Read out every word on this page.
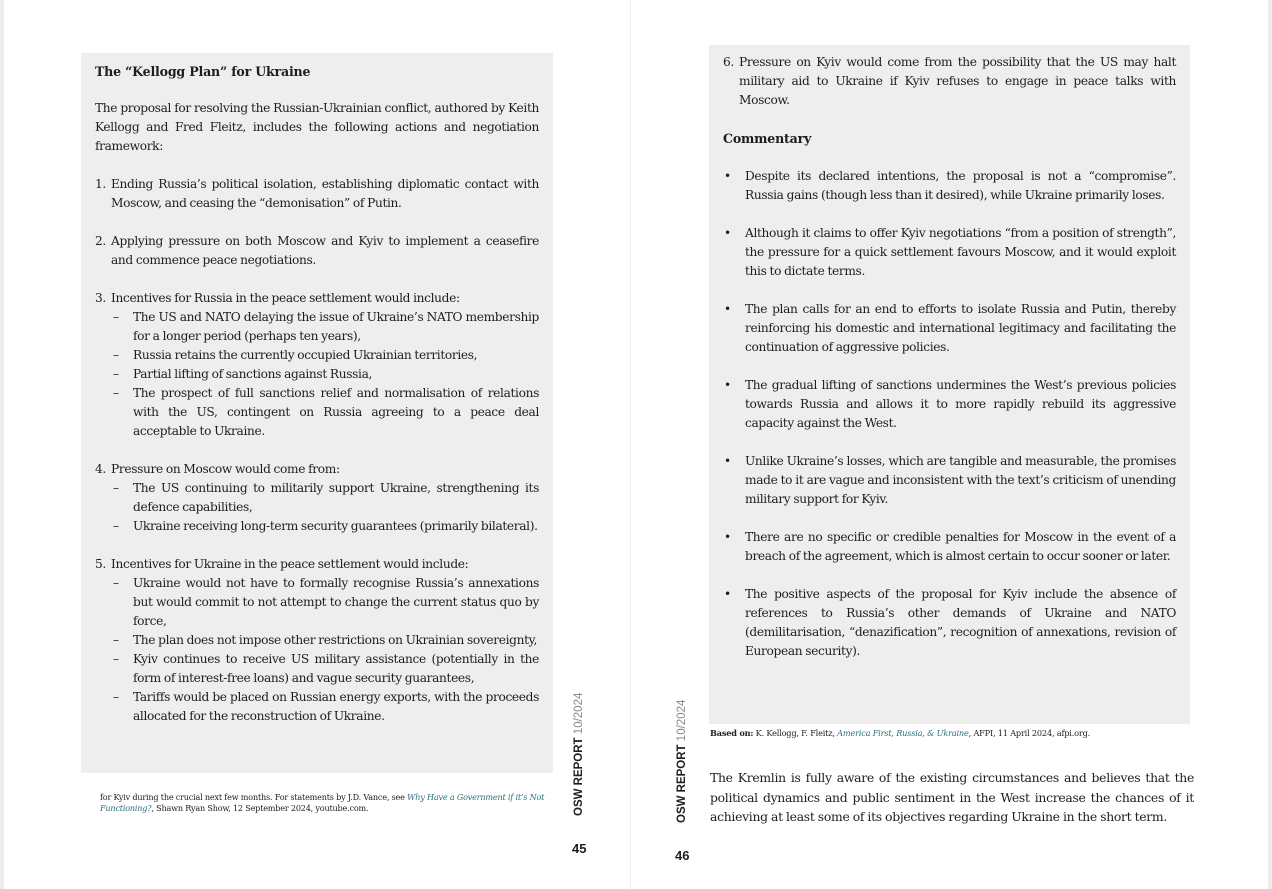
The “Kellogg Plan” for Ukraine

The proposal for resolving the Russian-Ukrainian conflict, authored by Keith Kellogg and Fred Fleitz, includes the following actions and negotiation framework:

1. Ending Russia’s political isolation, establishing diplomatic contact with Moscow, and ceasing the “demonisation” of Putin.
2. Applying pressure on both Moscow and Kyiv to implement a ceasefire and commence peace negotiations.
3. Incentives for Russia in the peace settlement would include:
– The US and NATO delaying the issue of Ukraine’s NATO membership for a longer period (perhaps ten years),
– Russia retains the currently occupied Ukrainian territories,
– Partial lifting of sanctions against Russia,
– The prospect of full sanctions relief and normalisation of relations with the US, contingent on Russia agreeing to a peace deal acceptable to Ukraine.
4. Pressure on Moscow would come from:
– The US continuing to militarily support Ukraine, strengthening its defence capabilities,
– Ukraine receiving long-term security guarantees (primarily bilateral).
5. Incentives for Ukraine in the peace settlement would include:
– Ukraine would not have to formally recognise Russia’s annexations but would commit to not attempt to change the current status quo by force,
– The plan does not impose other restrictions on Ukrainian sovereignty,
– Kyiv continues to receive US military assistance (potentially in the form of interest-free loans) and vague security guarantees,
– Tariffs would be placed on Russian energy exports, with the proceeds allocated for the reconstruction of Ukraine.
for Kyiv during the crucial next few months. For statements by J.D. Vance, see Why Have a Government if it’s Not Functioning?, Shawn Ryan Show, 12 September 2024, youtube.com.	OSW REPORT 10/2024
45
6. Pressure on Kyiv would come from the possibility that the US may halt military aid to Ukraine if Kyiv refuses to engage in peace talks with Moscow.
Commentary
• Despite its declared intentions, the proposal is not a “compromise”. Russia gains (though less than it desired), while Ukraine primarily loses.
• Although it claims to offer Kyiv negotiations “from a position of strength”, the pressure for a quick settlement favours Moscow, and it would exploit this to dictate terms.
• The plan calls for an end to efforts to isolate Russia and Putin, thereby reinforcing his domestic and international legitimacy and facilitating the continuation of aggressive policies.
• The gradual lifting of sanctions undermines the West’s previous policies towards Russia and allows it to more rapidly rebuild its aggressive capacity against the West.
• Unlike Ukraine’s losses, which are tangible and measurable, the promises made to it are vague and inconsistent with the text’s criticism of unending military support for Kyiv.
• There are no specific or credible penalties for Moscow in the event of a breach of the agreement, which is almost certain to occur sooner or later.
• The positive aspects of the proposal for Kyiv include the absence of references to Russia’s other demands of Ukraine and NATO (demilitarisation, “denazification”, recognition of annexations, revision of European security).
Based on: K. Kellogg, F. Fleitz, America First, Russia, & Ukraine, AFPI, 11 April 2024, afpi.org.

The Kremlin is fully aware of the existing circumstances and believes that the political dynamics and public sentiment in the West increase the chances of it achieving at least some of its objectives regarding Ukraine in the short term.

OSW REPORT 10/2024
46
